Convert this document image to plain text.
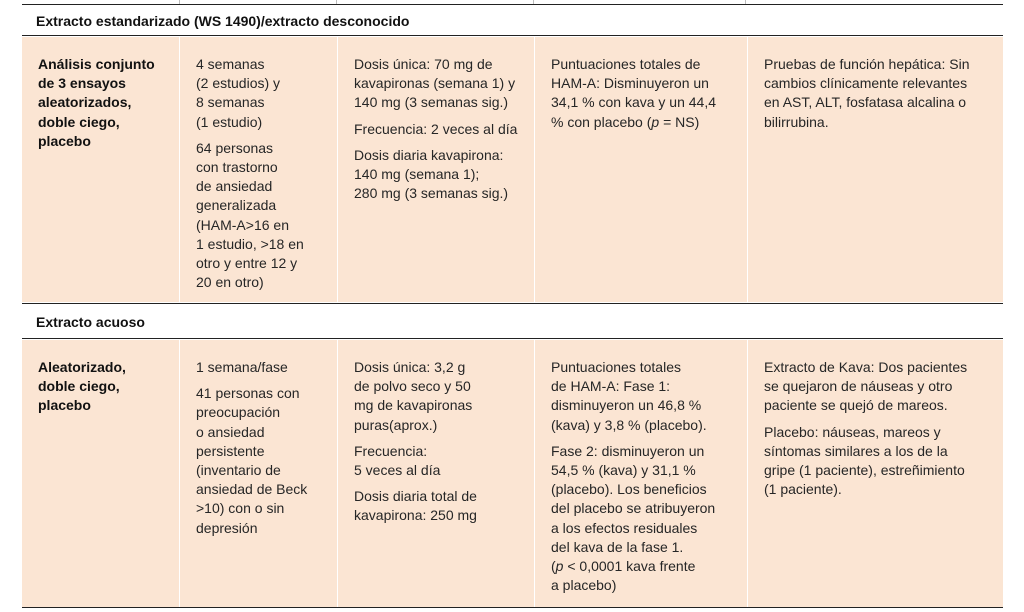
Extracto estandarizado (WS 1490)/extracto desconocido

Análisis conjunto
de 3 ensayos
aleatorizados,
doble ciego,
placebo

4 semanas
(2 estudios) y
8 semanas
(1 estudio)

64 personas
con trastorno
de ansiedad
generalizada
(HAM-A>16 en
1 estudio, >18 en
otro y entre 12 y
20 en otro)

Dosis única: 70 mg de
kavapironas (semana 1) y
140 mg (3 semanas sig.)

Frecuencia: 2 veces al día

Dosis diaria kavapirona:
140 mg (semana 1);
280 mg (3 semanas sig.)

Puntuaciones totales de
HAM-A: Disminuyeron un
34,1 % con kava y un 44,4
% con placebo (p = NS)

Pruebas de función hepática: Sin
cambios clínicamente relevantes
en AST, ALT, fosfatasa alcalina o
bilirrubina.

Extracto acuoso

Aleatorizado,
doble ciego,
placebo

1 semana/fase

41 personas con
preocupación
o ansiedad
persistente
(inventario de
ansiedad de Beck
>10) con o sin
depresión

Dosis única: 3,2 g
de polvo seco y 50
mg de kavapironas
puras(aprox.)

Frecuencia:
5 veces al día

Dosis diaria total de
kavapirona: 250 mg

Puntuaciones totales
de HAM-A: Fase 1:
disminuyeron un 46,8 %
(kava) y 3,8 % (placebo).

Fase 2: disminuyeron un
54,5 % (kava) y 31,1 %
(placebo). Los beneficios
del placebo se atribuyeron
a los efectos residuales
del kava de la fase 1.
(p < 0,0001 kava frente
a placebo)

Extracto de Kava: Dos pacientes
se quejaron de náuseas y otro
paciente se quejó de mareos.

Placebo: náuseas, mareos y
síntomas similares a los de la
gripe (1 paciente), estreñimiento
(1 paciente).
